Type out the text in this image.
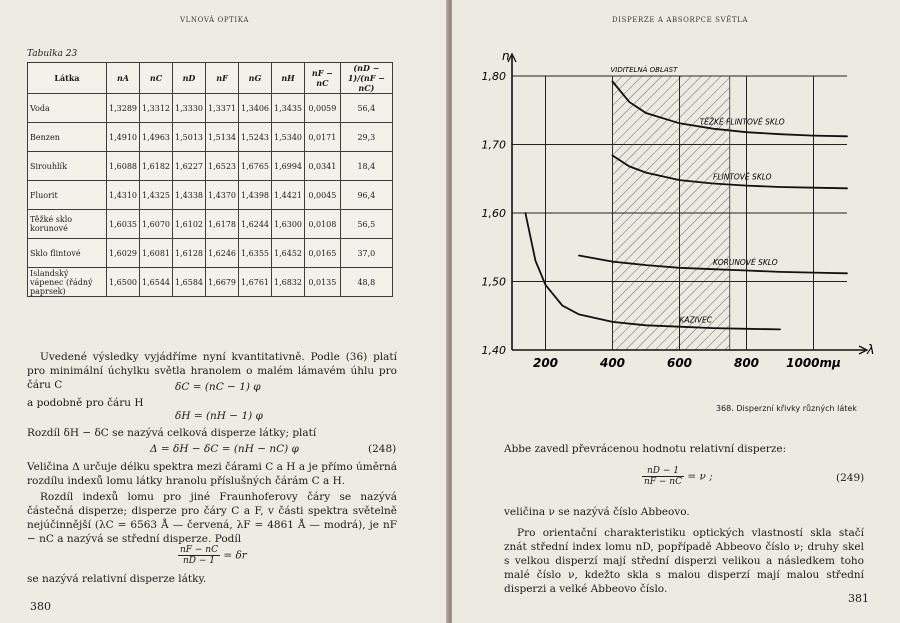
VLNOVÁ OPTIKA
Tabulka 23
Látka	nA	nC	nD	nF	nG	nH	nF − nC	(nD − 1)/(nF − nC)
Voda	1,3289	1,3312	1,3330	1,3371	1,3406	1,3435	0,0059	56,4
Benzen	1,4910	1,4963	1,5013	1,5134	1,5243	1,5340	0,0171	29,3
Sirouhlík	1,6088	1,6182	1,6227	1,6523	1,6765	1,6994	0,0341	18,4
Fluorit	1,4310	1,4325	1,4338	1,4370	1,4398	1,4421	0,0045	96,4
Těžké sklo korunové	1,6035	1,6070	1,6102	1,6178	1,6244	1,6300	0,0108	56,5
Sklo flintové	1,6029	1,6081	1,6128	1,6246	1,6355	1,6452	0,0165	37,0
Islandský vápenec (řádný paprsek)	1,6500	1,6544	1,6584	1,6679	1,6761	1,6832	0,0135	48,8
Uvedené výsledky vyjádříme nyní kvantitativně. Podle (36) platí pro minimální úchylku světla hranolem o malém lámavém úhlu pro čáru C	δC = (nC − 1) φ
a podobně pro čáru H
δH = (nH − 1) φ
Rozdíl δH − δC se nazývá celková disperze látky; platí
Δ = δH − δC = (nH − nC) φ	(248)
Veličina Δ určuje délku spektra mezi čárami C a H a je přímo úměrná rozdílu indexů lomu látky hranolu příslušných čárám C a H.
Rozdíl indexů lomu pro jiné Fraunhoferovy čáry se nazývá částečná disperze; disperze pro čáry C a F, v části spektra světelně nejúčinnější (λC = 6563 Å — červená, λF = 4861 Å — modrá), je nF − nC a nazývá se střední disperze. Podíl
$\frac{nF - nC}{nD - 1} = \delta r$
se nazývá relativní disperze látky.
380
DISPERZE A ABSORPCE SVĚTLA
VIDITELNÁ OBLAST
TĚŽKÉ FLINTOVÉ SKLO
FLINTOVÉ SKLO
KORUNOVÉ SKLO
KAZIVEC
200	400	600	800 1000mμ
1,80
1,70
1,60
1,50
1,40
n
λ
368. Disperzní křivky různých látek
Abbe zavedl převrácenou hodnotu relativní disperze:
$\frac{nD - 1}{nF - nC} = \nu$ ;	(249)
veličina ν se nazývá číslo Abbeovo.
Pro orientační charakteristiku optických vlastností skla stačí znát střední index lomu nD, popřípadě Abbeovo číslo ν; druhy skel s velkou disperzí mají střední disperzi velikou a následkem toho malé číslo ν, kdežto skla s malou disperzí mají malou střední disperzi a velké Abbeovo číslo.
381
